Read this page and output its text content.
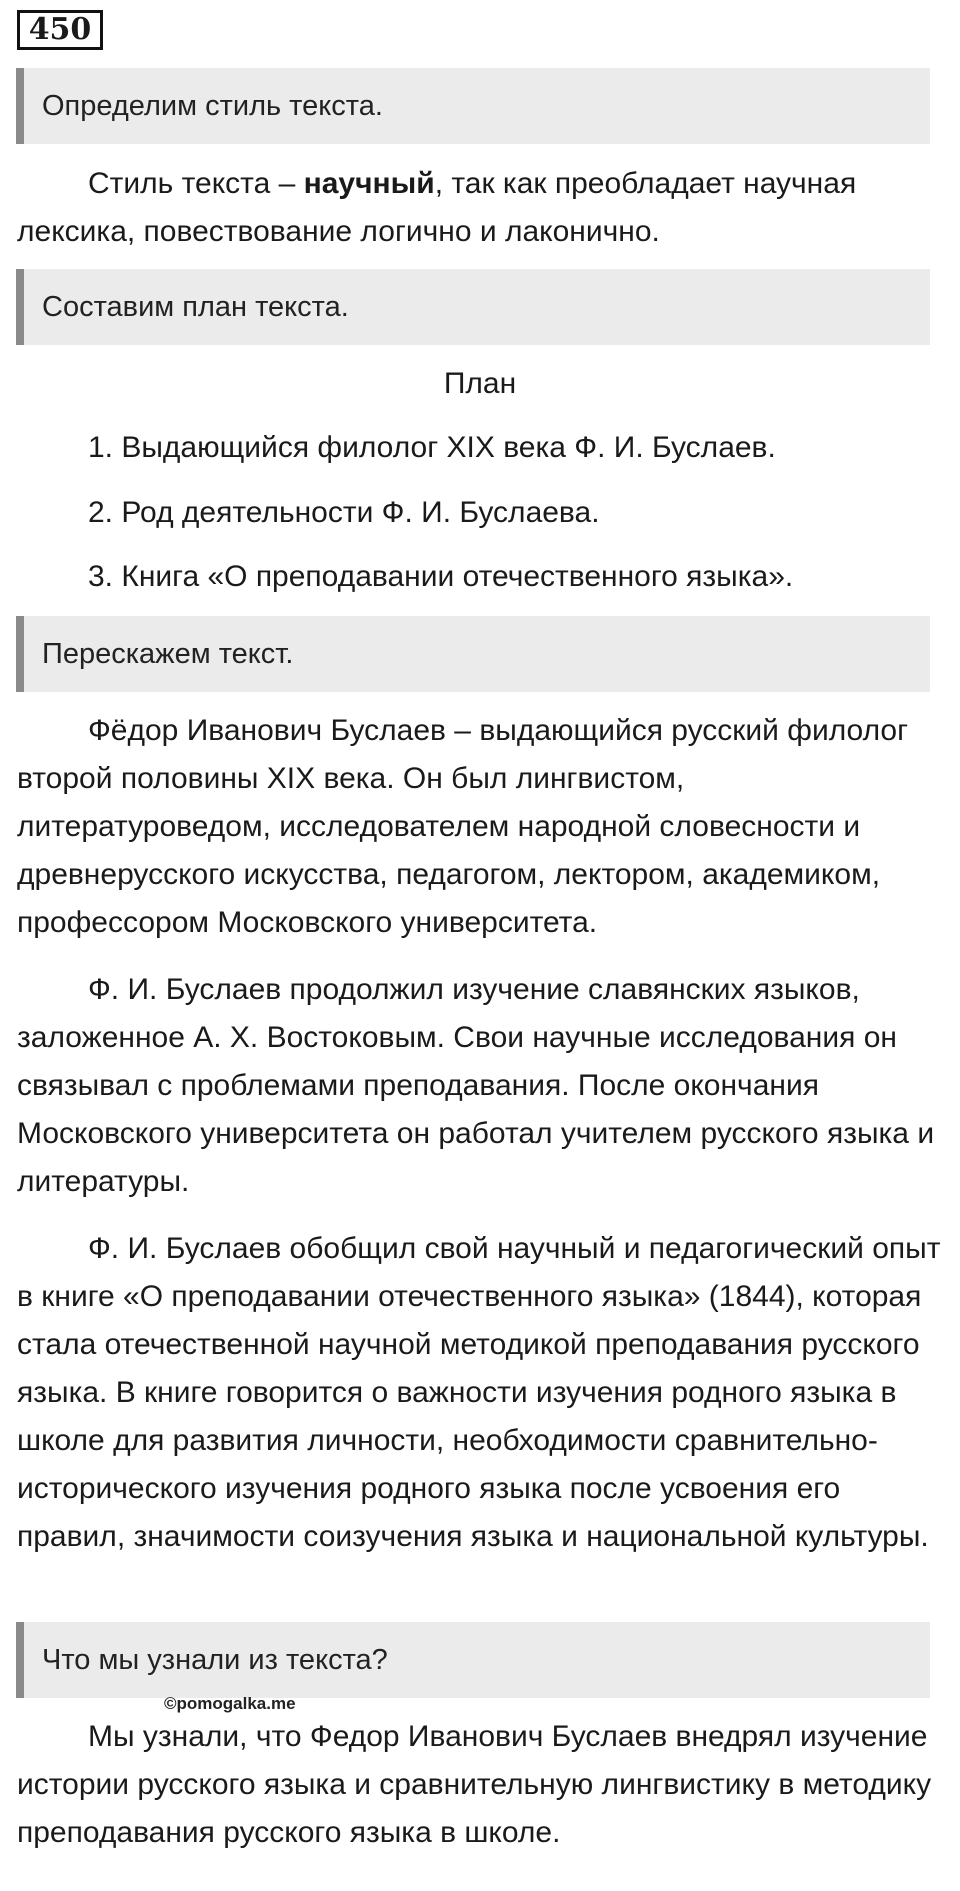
450
Определим стиль текста.

Стиль текста – научный, так как преобладает научная лексика, повествование логично и лаконично.

Составим план текста.
План
1. Выдающийся филолог XIX века Ф. И. Буслаев.
2. Род деятельности Ф. И. Буслаева.
3. Книга «О преподавании отечественного языка».
Перескажем текст.

Фёдор Иванович Буслаев – выдающийся русский филолог второй половины XIX века. Он был лингвистом, литературоведом, исследователем народной словесности и древнерусского искусства, педагогом, лектором, академиком, профессором Московского университета.

Ф. И. Буслаев продолжил изучение славянских языков, заложенное А. Х. Востоковым. Свои научные исследования он связывал с проблемами преподавания. После окончания Московского университета он работал учителем русского языка и литературы.

Ф. И. Буслаев обобщил свой научный и педагогический опыт в книге «О преподавании отечественного языка» (1844), которая стала отечественной научной методикой преподавания русского языка. В книге говорится о важности изучения родного языка в школе для развития личности, необходимости сравнительно-исторического изучения родного языка после усвоения его правил, значимости соизучения языка и национальной культуры.

Что мы узнали из текста?

Мы узнали, что Федор Иванович Буслаев внедрял изучение истории русского языка и сравнительную лингвистику в методику преподавания русского языка в школе.

©pomogalka.me
